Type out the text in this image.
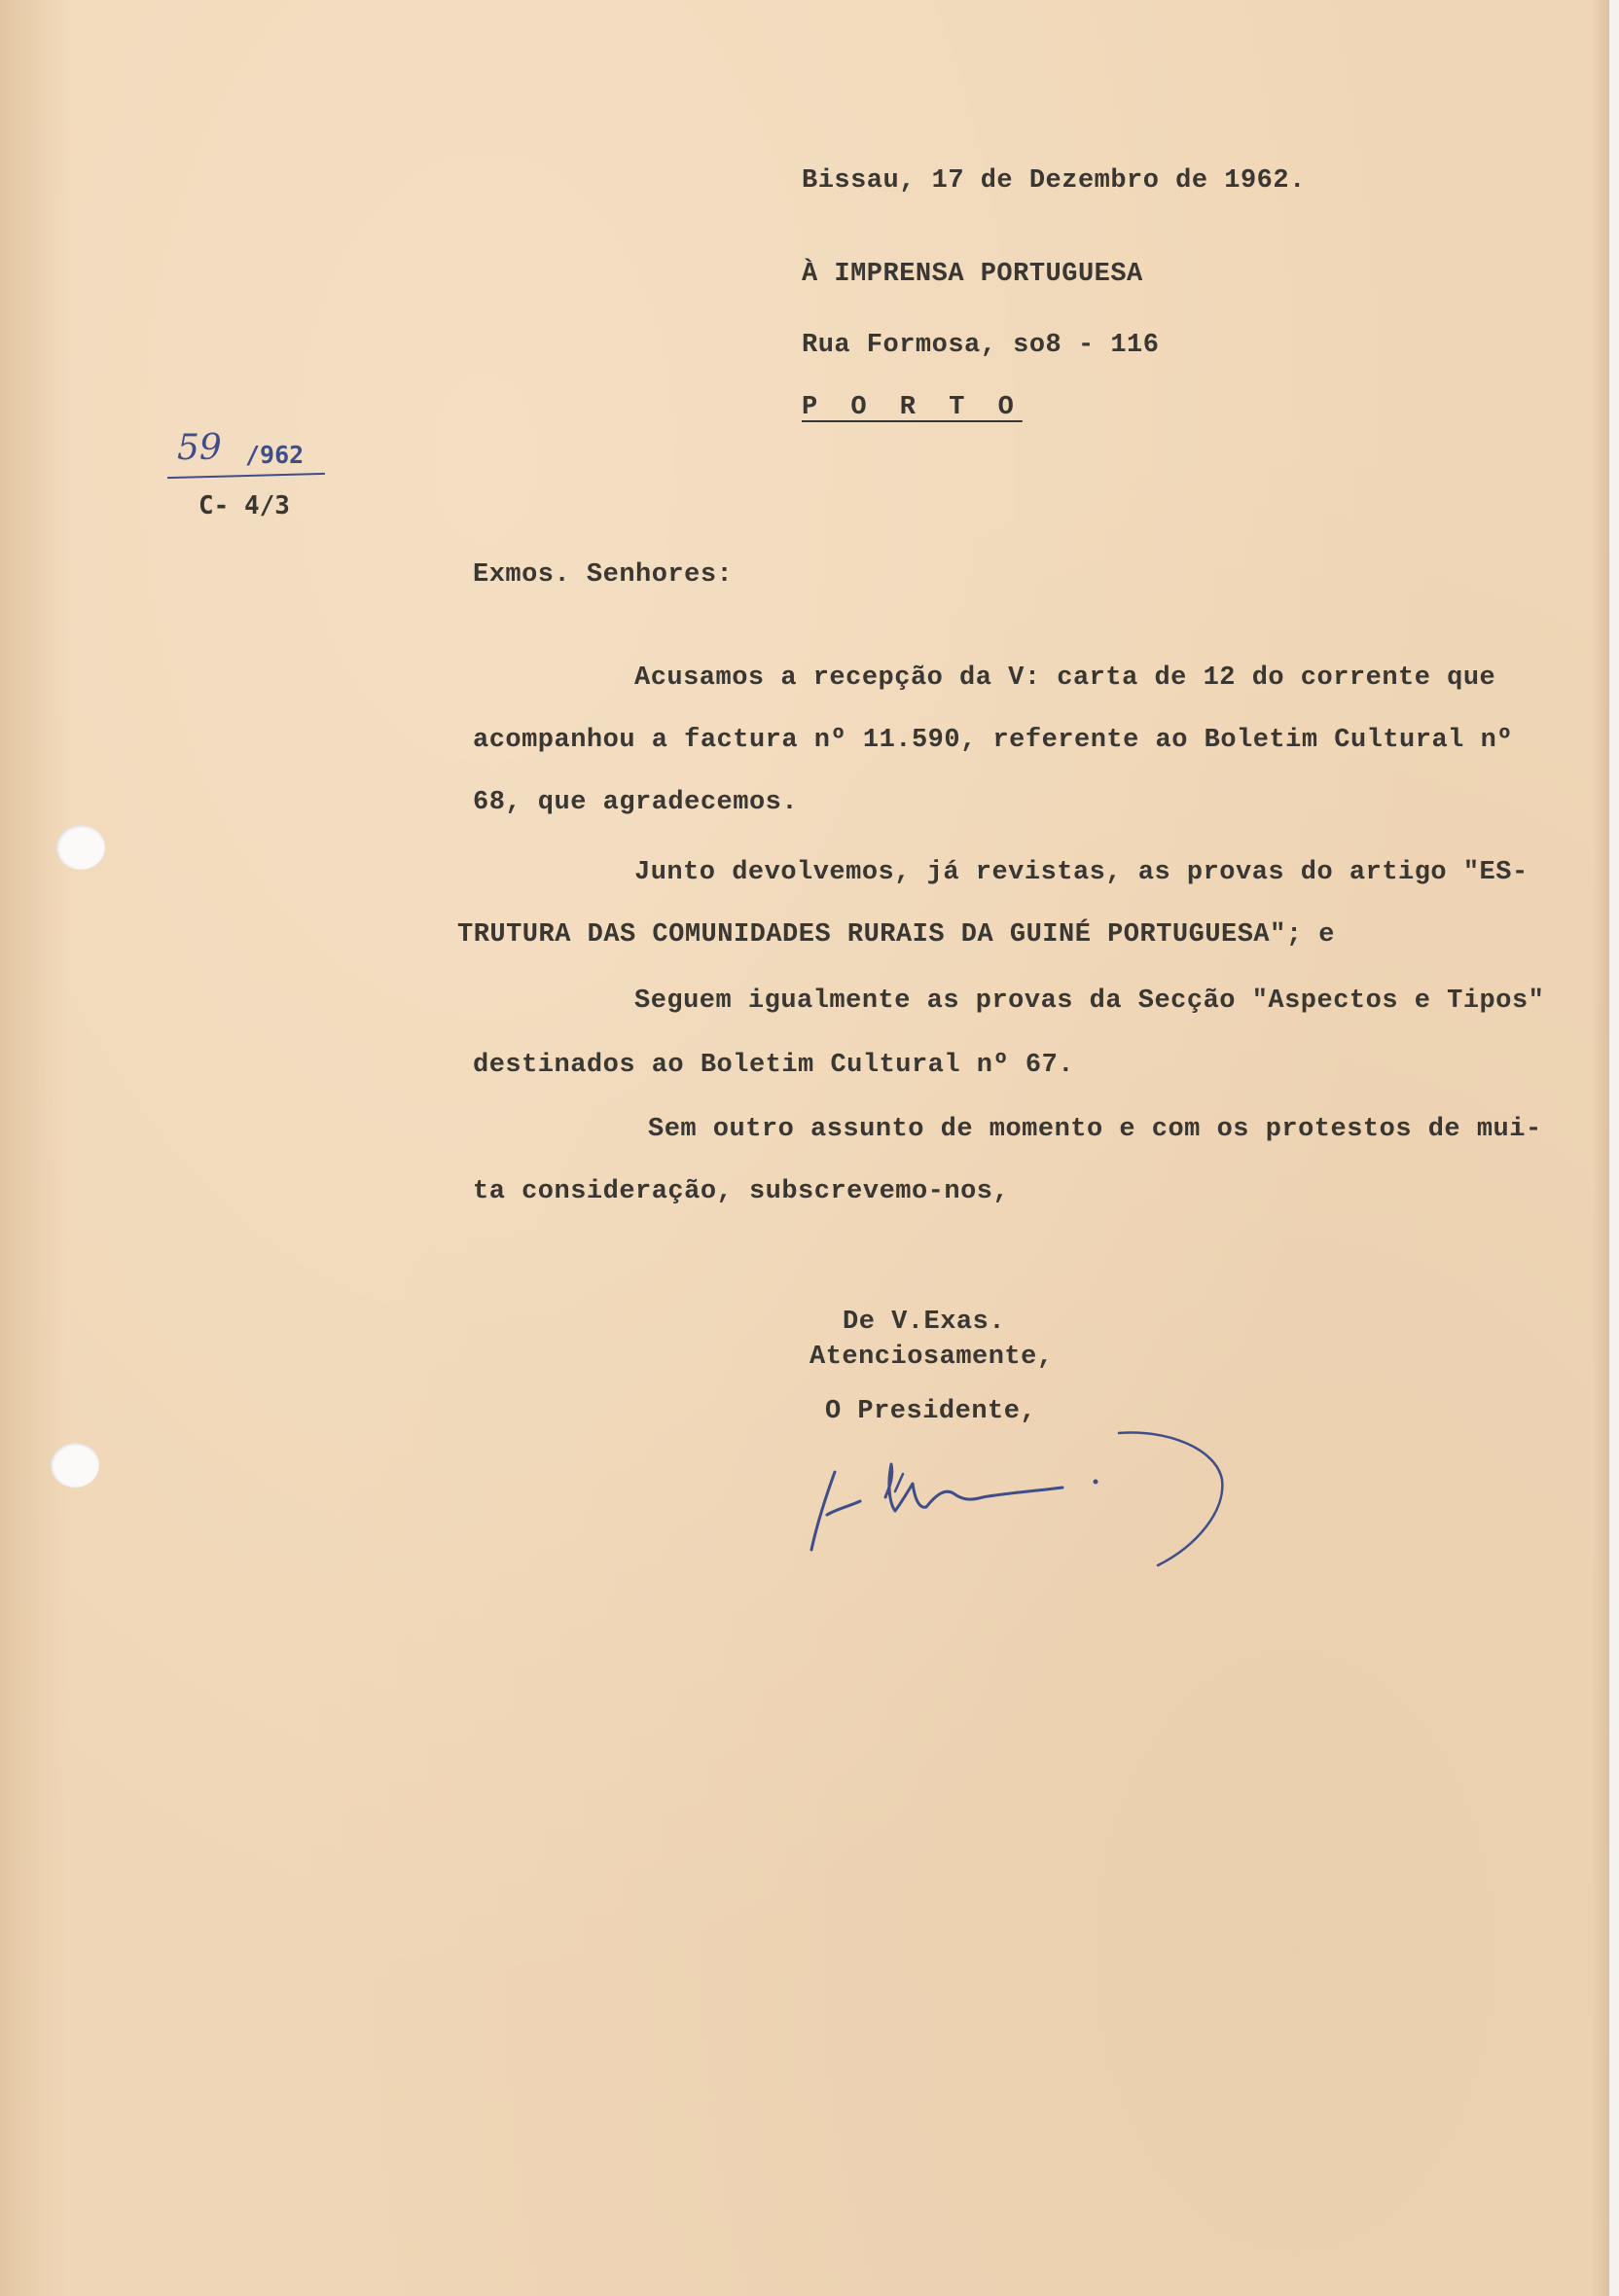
Bissau, 17 de Dezembro de 1962.
À IMPRENSA PORTUGUESA
Rua Formosa, so8 - 116
P O R T O
59 /962
C- 4/3
Exmos. Senhores:
Acusamos a recepção da V: carta de 12 do corrente que
acompanhou a factura nº 11.590, referente ao Boletim Cultural nº
68, que agradecemos.
Junto devolvemos, já revistas, as provas do artigo "ES-
TRUTURA DAS COMUNIDADES RURAIS DA GUINÉ PORTUGUESA"; e
Seguem igualmente as provas da Secção "Aspectos e Tipos"
destinados ao Boletim Cultural nº 67.
Sem outro assunto de momento e com os protestos de mui-
ta consideração, subscrevemo-nos,
De V.Exas.
Atenciosamente,
O Presidente,
